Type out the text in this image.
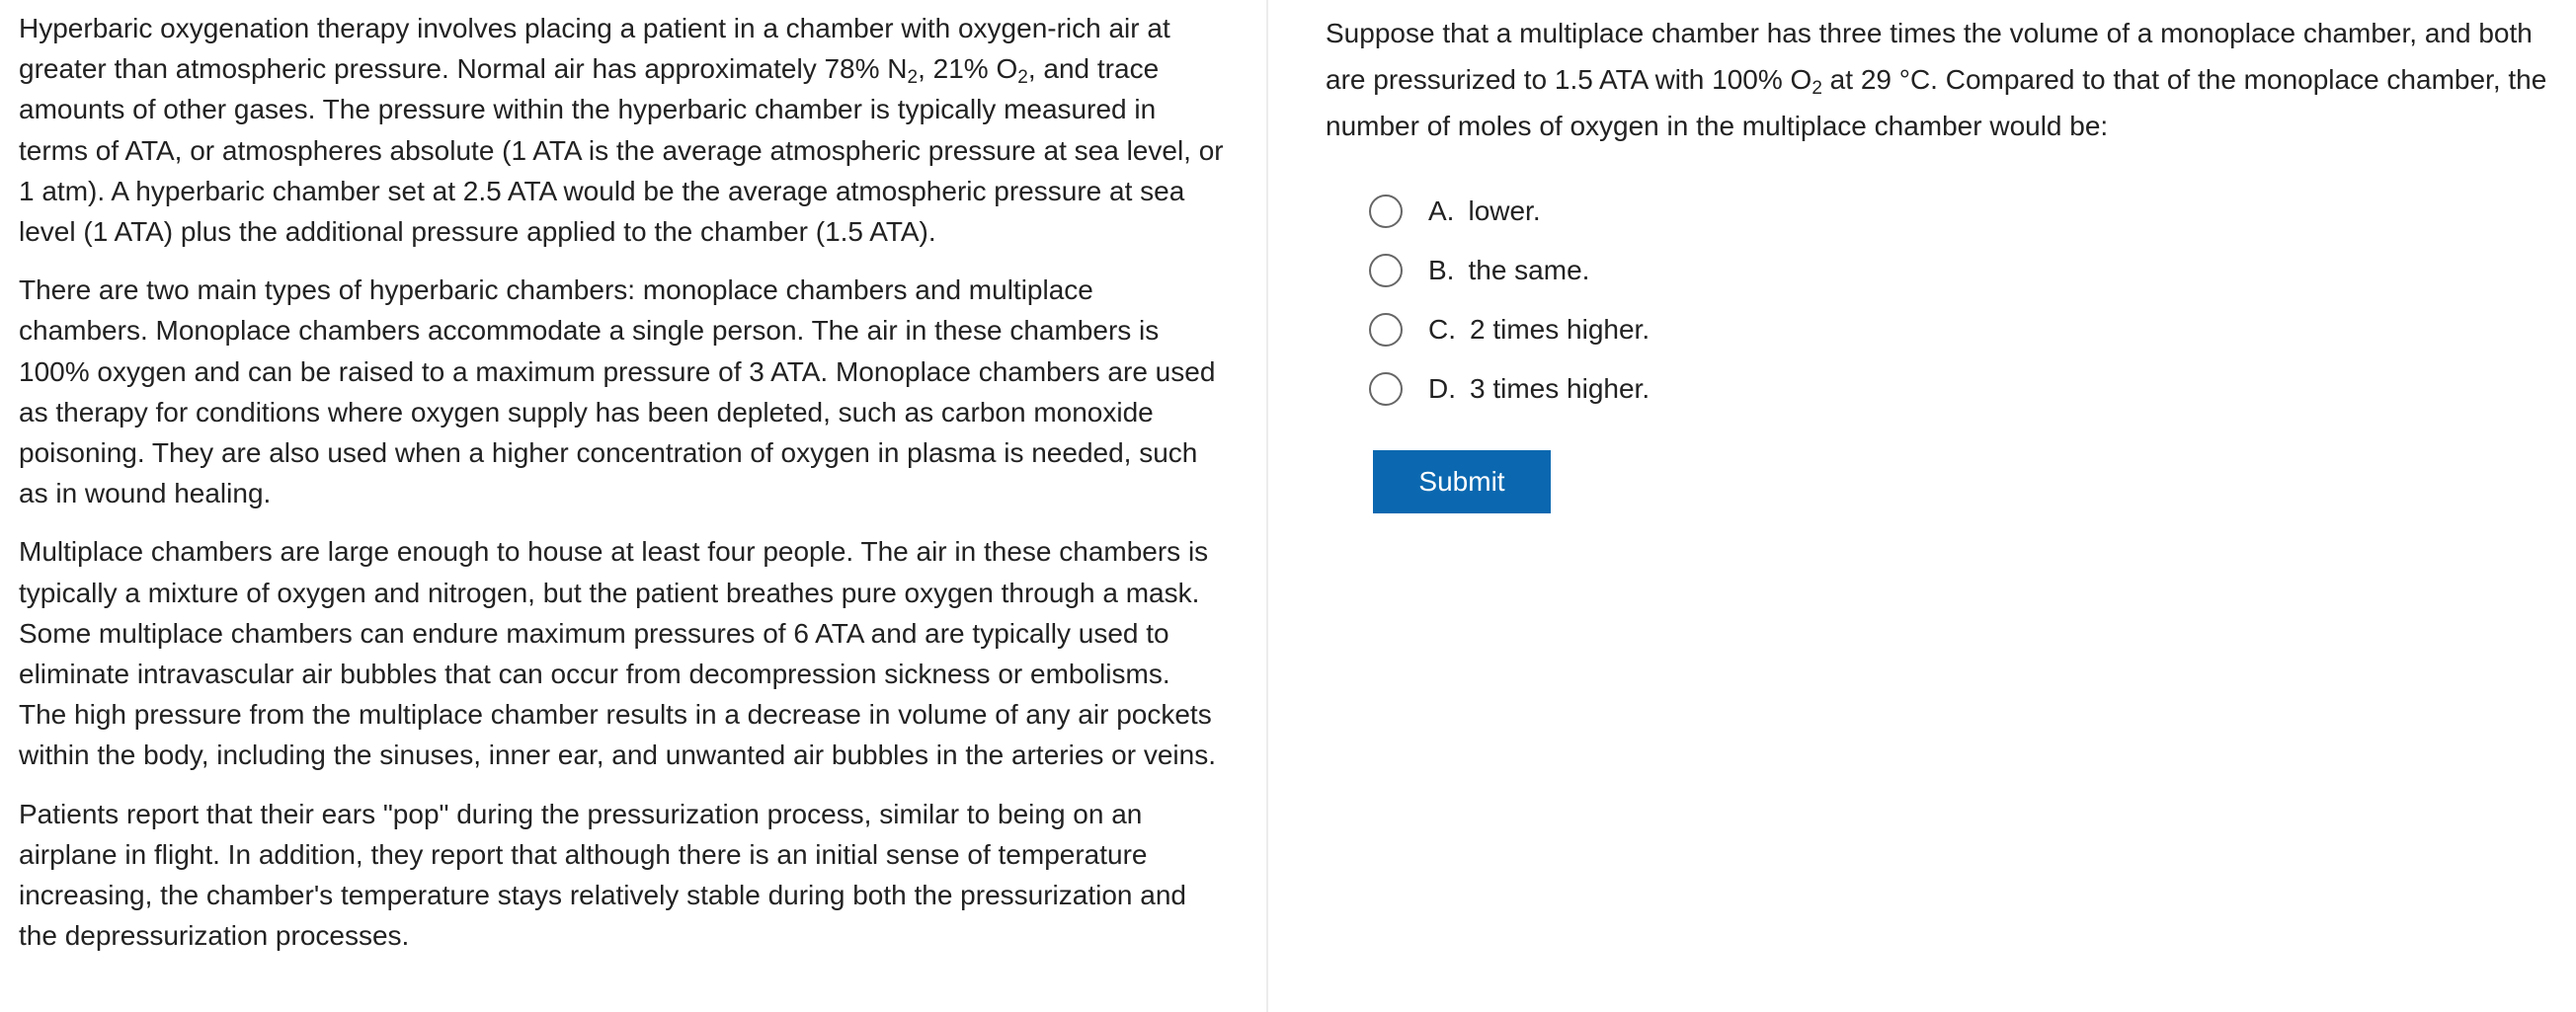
Hyperbaric oxygenation therapy involves placing a patient in a chamber with oxygen-rich air at greater than atmospheric pressure. Normal air has approximately 78% $N_2$, 21% $O_2$, and trace amounts of other gases. The pressure within the hyperbaric chamber is typically measured in terms of ATA, or atmospheres absolute (1 ATA is the average atmospheric pressure at sea level, or 1 atm). A hyperbaric chamber set at 2.5 ATA would be the average atmospheric pressure at sea level (1 ATA) plus the additional pressure applied to the chamber (1.5 ATA).

There are two main types of hyperbaric chambers: monoplace chambers and multiplace chambers. Monoplace chambers accommodate a single person. The air in these chambers is 100% oxygen and can be raised to a maximum pressure of 3 ATA. Monoplace chambers are used as therapy for conditions where oxygen supply has been depleted, such as carbon monoxide poisoning. They are also used when a higher concentration of oxygen in plasma is needed, such as in wound healing.

Multiplace chambers are large enough to house at least four people. The air in these chambers is typically a mixture of oxygen and nitrogen, but the patient breathes pure oxygen through a mask. Some multiplace chambers can endure maximum pressures of 6 ATA and are typically used to eliminate intravascular air bubbles that can occur from decompression sickness or embolisms. The high pressure from the multiplace chamber results in a decrease in volume of any air pockets within the body, including the sinuses, inner ear, and unwanted air bubbles in the arteries or veins.

Patients report that their ears "pop" during the pressurization process, similar to being on an airplane in flight. In addition, they report that although there is an initial sense of temperature increasing, the chamber's temperature stays relatively stable during both the pressurization and the depressurization processes.

Suppose that a multiplace chamber has three times the volume of a monoplace chamber, and both are pressurized to 1.5 ATA with 100% $O_2$ at 29 °C. Compared to that of the monoplace chamber, the number of moles of oxygen in the multiplace chamber would be:
A. lower.
B. the same.
C. 2 times higher.
D. 3 times higher.
Submit
